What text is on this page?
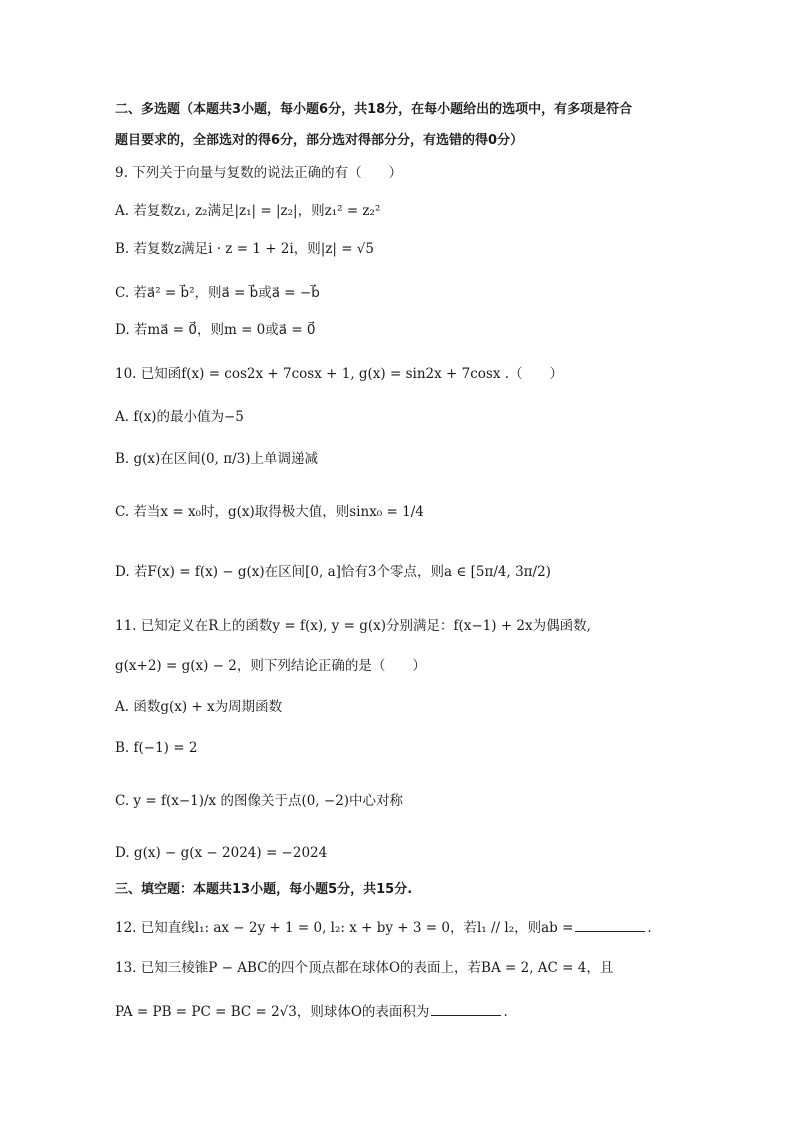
二、多选题（本题共3小题，每小题6分，共18分，在每小题给出的选项中，有多项是符合
题目要求的，全部选对的得6分，部分选对得部分分，有选错的得0分）
9. 下列关于向量与复数的说法正确的有（　　）
A. 若复数z₁, z₂满足|z₁| = |z₂|，则z₁² = z₂²
B. 若复数z满足i · z = 1 + 2i，则|z| = √5
C. 若a⃗² = b⃗²，则a⃗ = b⃗或a⃗ = −b⃗
D. 若ma⃗ = 0⃗，则m = 0或a⃗ = 0⃗
10. 已知函f(x) = cos2x + 7cosx + 1, g(x) = sin2x + 7cosx .（　　）
A. f(x)的最小值为−5
B. g(x)在区间(0, π/3)上单调递减
C. 若当x = x₀时，g(x)取得极大值，则sinx₀ = 1/4
D. 若F(x) = f(x) − g(x)在区间[0, a]恰有3个零点，则a ∈ [5π/4, 3π/2)
11. 已知定义在R上的函数y = f(x), y = g(x)分别满足：f(x−1) + 2x为偶函数,
g(x+2) = g(x) − 2，则下列结论正确的是（　　）
A. 函数g(x) + x为周期函数
B. f(−1) = 2
C. y = f(x−1)/x 的图像关于点(0, −2)中心对称
D. g(x) − g(x − 2024) = −2024
三、填空题：本题共13小题，每小题5分，共15分.
12. 已知直线l₁: ax − 2y + 1 = 0, l₂: x + by + 3 = 0，若l₁ // l₂，则ab =	.
13. 已知三棱锥P − ABC的四个顶点都在球体O的表面上，若BA = 2, AC = 4，且
PA = PB = PC = BC = 2√3，则球体O的表面积为	.
